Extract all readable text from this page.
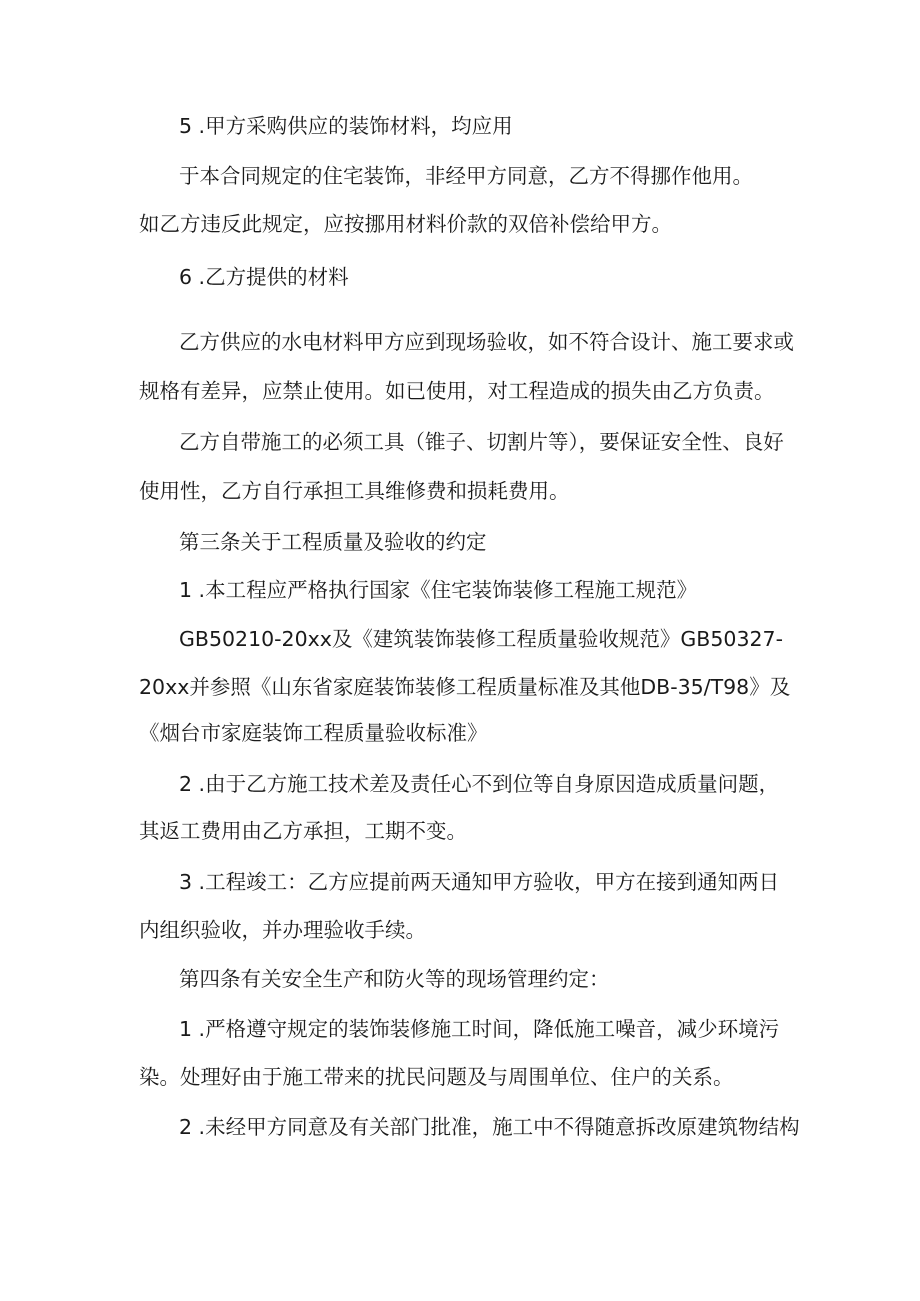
5 .甲方采购供应的装饰材料，均应用
于本合同规定的住宅装饰，非经甲方同意，乙方不得挪作他用。
如乙方违反此规定，应按挪用材料价款的双倍补偿给甲方。
6 .乙方提供的材料
乙方供应的水电材料甲方应到现场验收，如不符合设计、施工要求或
规格有差异，应禁止使用。如已使用，对工程造成的损失由乙方负责。
乙方自带施工的必须工具（锥子、切割片等），要保证安全性、良好
使用性，乙方自行承担工具维修费和损耗费用。
第三条关于工程质量及验收的约定
1 .本工程应严格执行国家《住宅装饰装修工程施工规范》
GB50210-20xx及《建筑装饰装修工程质量验收规范》GB50327-
20xx并参照《山东省家庭装饰装修工程质量标准及其他DB-35/T98》及
《烟台市家庭装饰工程质量验收标准》
2 .由于乙方施工技术差及责任心不到位等自身原因造成质量问题，
其返工费用由乙方承担，工期不变。
3 .工程竣工：乙方应提前两天通知甲方验收，甲方在接到通知两日
内组织验收，并办理验收手续。
第四条有关安全生产和防火等的现场管理约定：
1 .严格遵守规定的装饰装修施工时间，降低施工噪音，减少环境污
染。处理好由于施工带来的扰民问题及与周围单位、住户的关系。
2 .未经甲方同意及有关部门批准，施工中不得随意拆改原建筑物结构
